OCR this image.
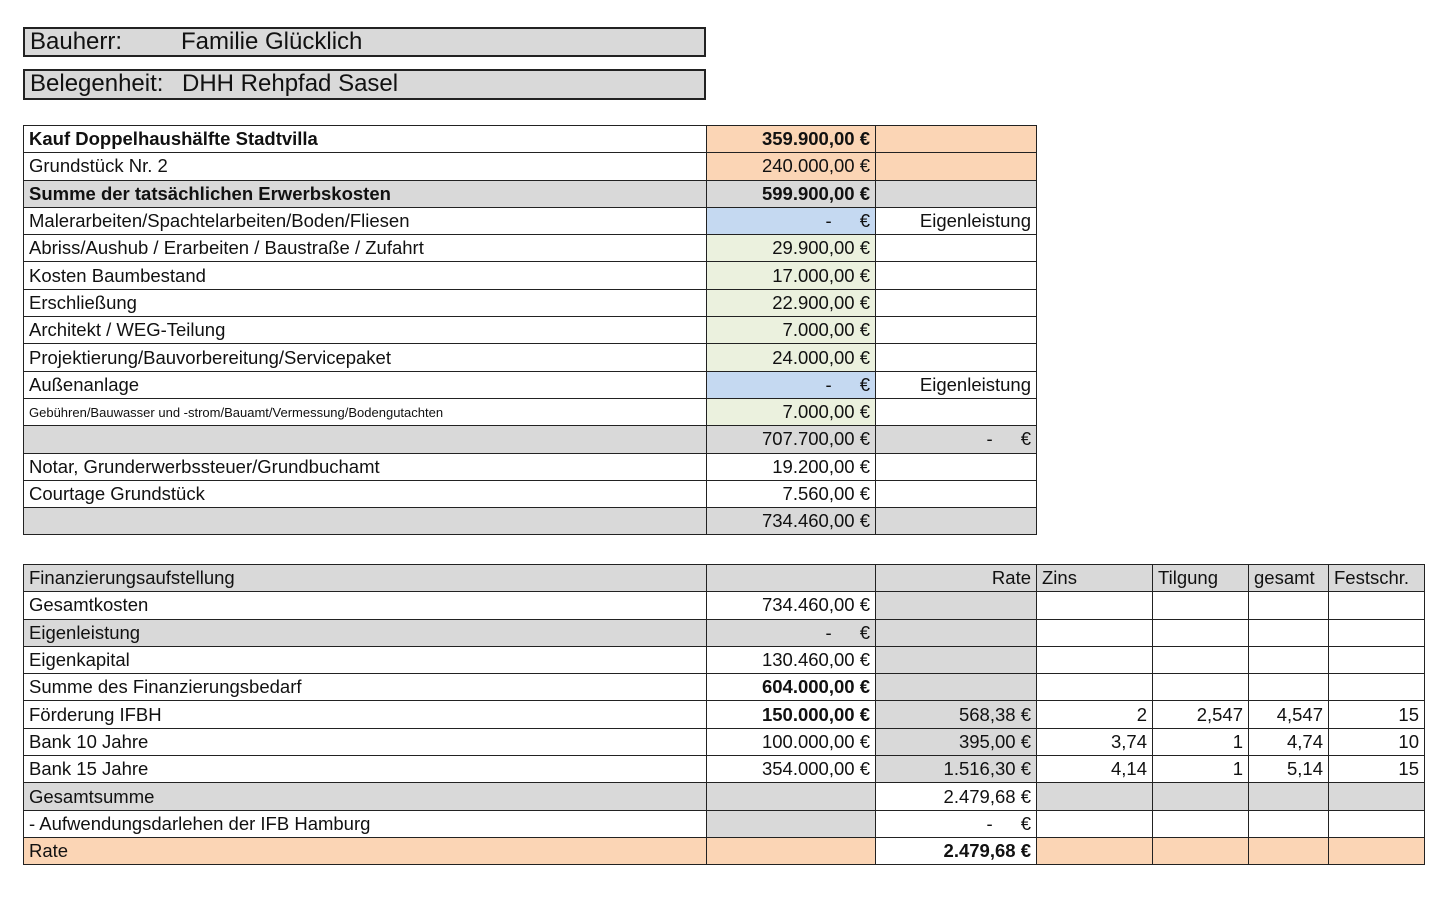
Bauherr: Familie Glücklich
Belegenheit: DHH Rehpfad Sasel
Kauf Doppelhaushälfte Stadtvilla	359.900,00 €	
Grundstück Nr. 2	240.000,00 €	
Summe der tatsächlichen Erwerbskosten	599.900,00 €	
Malerarbeiten/Spachtelarbeiten/Boden/Fliesen	- €	Eigenleistung
Abriss/Aushub / Erarbeiten / Baustraße / Zufahrt	29.900,00 €	
Kosten Baumbestand	17.000,00 €	
Erschließung	22.900,00 €	
Architekt / WEG-Teilung	7.000,00 €	
Projektierung/Bauvorbereitung/Servicepaket	24.000,00 €	
Außenanlage	- €	Eigenleistung
Gebühren/Bauwasser und -strom/Bauamt/Vermessung/Bodengutachten	7.000,00 €	
	707.700,00 €	- €
Notar, Grunderwerbssteuer/Grundbuchamt	19.200,00 €	
Courtage Grundstück	7.560,00 €	
	734.460,00 €	
Finanzierungsaufstellung		Rate	Zins	Tilgung	gesamt	Festschr.
Gesamtkosten	734.460,00 €					
Eigenleistung	- €					
Eigenkapital	130.460,00 €					
Summe des Finanzierungsbedarf	604.000,00 €					
Förderung IFBH	150.000,00 €	568,38 €	2	2,547	4,547	15
Bank 10 Jahre	100.000,00 €	395,00 €	3,74	1	4,74	10
Bank 15 Jahre	354.000,00 €	1.516,30 €	4,14	1	5,14	15
Gesamtsumme		2.479,68 €				
- Aufwendungsdarlehen der IFB Hamburg		- €				
Rate		2.479,68 €				
